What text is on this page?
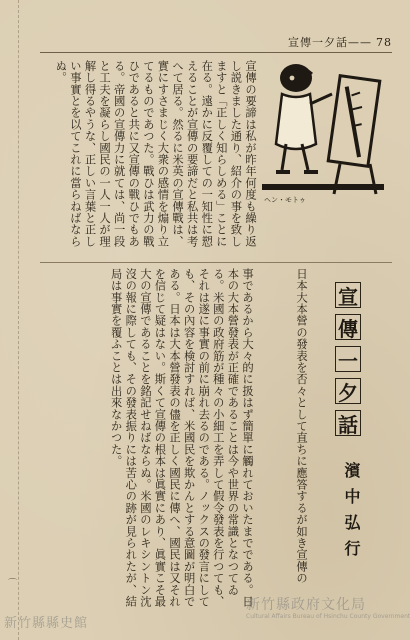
宣傳一夕話—— 78
宣傳の要諦は私が昨年何度も繰り返し説きました通り、紹介の事を致しますと「正しく知らしめる」ことに在る。遠かに反覆しての一知性に愬えることが宣傳の要諦だと私共は考へて居る。然るに米英の宣傳戰は、實にすさまじく大衆の感情を煽り立てるものであつた。戰ひは武力の戰ひであると共に又宣傳の戰ひでもある。帝國の宣傳力に就ては、尚一段と工夫を凝らし國民の一人一人が理解し得るやうな、正しい言葉と正しい事實とを以てこれに當らねばならぬ。
ヘン・モトゥ
事であるから大々的に扱はず簡單に觸れておいたまでである。日本の大本營發表が正確であることは今や世界の常識となつてゐる。米國の政府筋が種々の小細工を弄して假令發表を行つても、それは遂に事實の前に崩れ去るのである。ノックスの發言にしても、その內容を検討すれば、米國民を欺かんとする意圖が明白である。日本は大本營發表の儘を正しく國民に傳へ、國民は又それを信じて疑はない。斯くて宣傳の根本は眞實にあり、眞實こそ最大の宣傳であることを銘記せねばならぬ。米國のレキシントン沈沒の報に際しても、その發表振りには苦心の跡が見られたが、結局は事實を覆ふことは出來なかつた。	日本大本營の發表を否々として直ちに應答するが如き宣傳の 宣
傳
一
夕
話
濱中弘行
⌒
新竹縣政府文化局
Cultural Affairs Bureau of Hsinchu County Government
新竹縣縣史館
